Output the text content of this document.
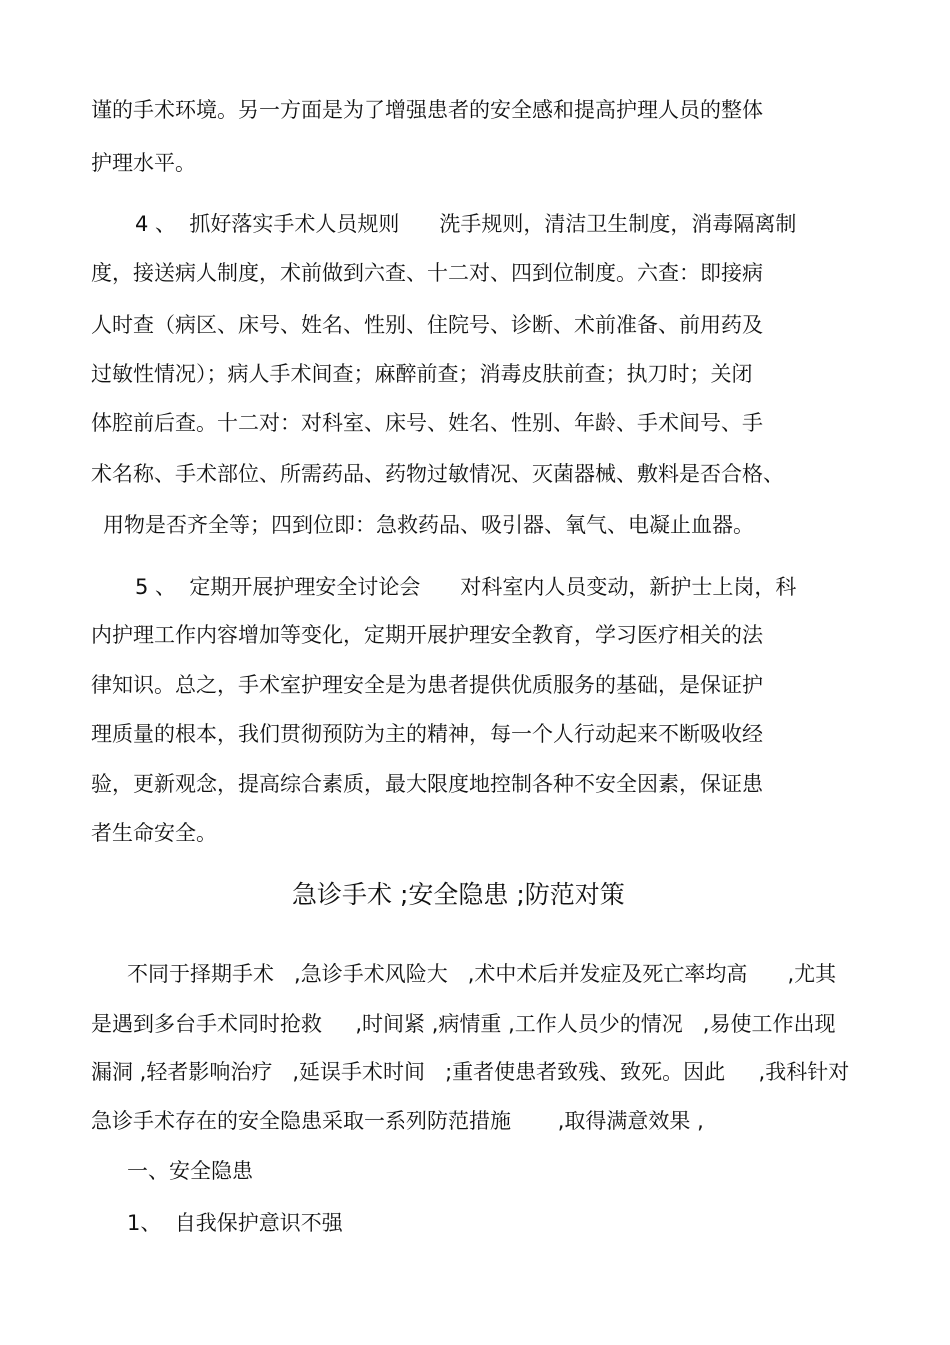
谨的手术环境。另一方面是为了增强患者的安全感和提高护理人员的整体
护理水平。
4 、  抓好落实手术人员规则      洗手规则，清洁卫生制度，消毒隔离制
度，接送病人制度，术前做到六查、十二对、四到位制度。六查：即接病
人时查（病区、床号、姓名、性别、住院号、诊断、术前准备、前用药及
过敏性情况）；病人手术间查；麻醉前查；消毒皮肤前查；执刀时；关闭
体腔前后查。十二对：对科室、床号、姓名、性别、年龄、手术间号、手
术名称、手术部位、所需药品、药物过敏情况、灭菌器械、敷料是否合格、
用物是否齐全等；四到位即：急救药品、吸引器、氧气、电凝止血器。
5 、  定期开展护理安全讨论会      对科室内人员变动，新护士上岗，科
内护理工作内容增加等变化，定期开展护理安全教育，学习医疗相关的法
律知识。总之，手术室护理安全是为患者提供优质服务的基础，是保证护
理质量的根本，我们贯彻预防为主的精神，每一个人行动起来不断吸收经
验，更新观念，提高综合素质，最大限度地控制各种不安全因素，保证患
者生命安全。
急诊手术 ;安全隐患 ;防范对策
不同于择期手术   ,急诊手术风险大   ,术中术后并发症及死亡率均高      ,尤其
是遇到多台手术同时抢救     ,时间紧 ,病情重 ,工作人员少的情况   ,易使工作出现
漏洞 ,轻者影响治疗   ,延误手术时间   ;重者使患者致残、致死。因此     ,我科针对
急诊手术存在的安全隐患采取一系列防范措施       ,取得满意效果 ,
一、安全隐患
1、  自我保护意识不强
